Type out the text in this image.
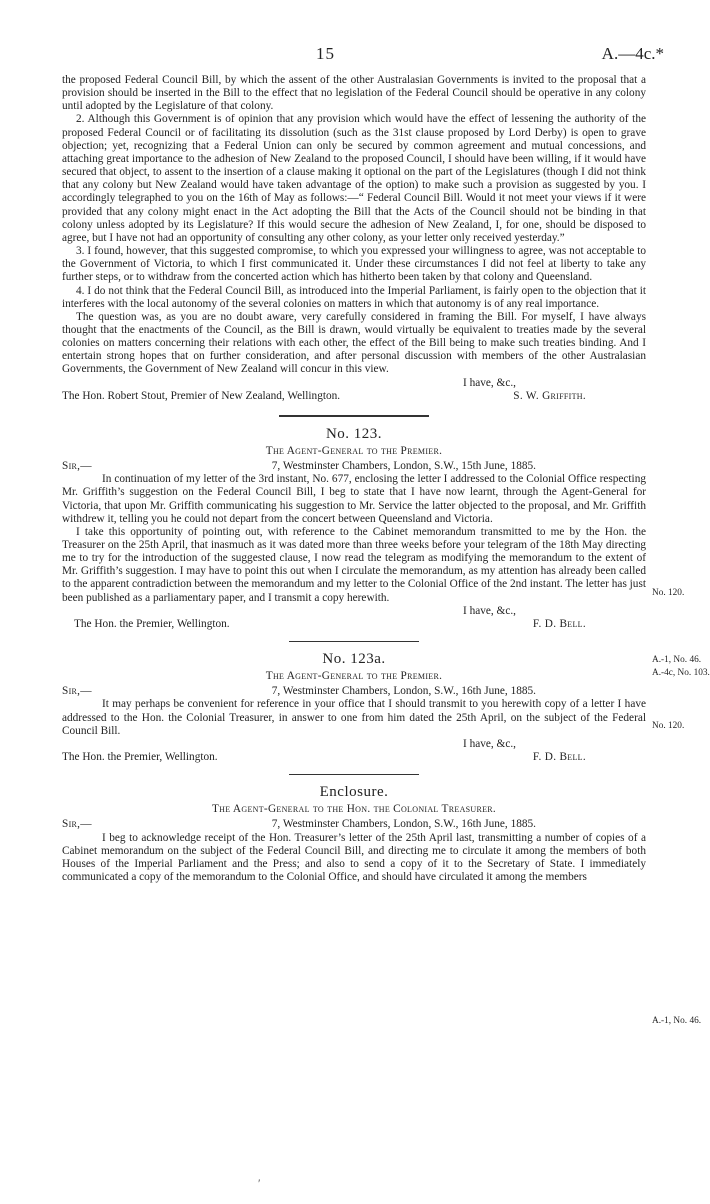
15	A.—4c.*

the proposed Federal Council Bill, by which the assent of the other Australasian Governments is invited to the proposal that a provision should be inserted in the Bill to the effect that no legislation of the Federal Council should be operative in any colony until adopted by the Legislature of that colony.

2. Although this Government is of opinion that any provision which would have the effect of lessening the authority of the proposed Federal Council or of facilitating its dissolution (such as the 31st clause proposed by Lord Derby) is open to grave objection; yet, recognizing that a Federal Union can only be secured by common agreement and mutual concessions, and attaching great importance to the adhesion of New Zealand to the proposed Council, I should have been willing, if it would have secured that object, to assent to the insertion of a clause making it optional on the part of the Legislatures (though I did not think that any colony but New Zealand would have taken advantage of the option) to make such a provision as suggested by you. I accordingly telegraphed to you on the 16th of May as follows:—“ Federal Council Bill. Would it not meet your views if it were provided that any colony might enact in the Act adopting the Bill that the Acts of the Council should not be binding in that colony unless adopted by its Legislature? If this would secure the adhesion of New Zealand, I, for one, should be disposed to agree, but I have not had an opportunity of consulting any other colony, as your letter only received yesterday.”

3. I found, however, that this suggested compromise, to which you expressed your willingness to agree, was not acceptable to the Government of Victoria, to which I first communicated it. Under these circumstances I did not feel at liberty to take any further steps, or to withdraw from the concerted action which has hitherto been taken by that colony and Queensland.

4. I do not think that the Federal Council Bill, as introduced into the Imperial Parliament, is fairly open to the objection that it interferes with the local autonomy of the several colonies on matters in which that autonomy is of any real importance.

The question was, as you are no doubt aware, very carefully considered in framing the Bill. For myself, I have always thought that the enactments of the Council, as the Bill is drawn, would virtually be equivalent to treaties made by the several colonies on matters concerning their relations with each other, the effect of the Bill being to make such treaties binding. And I entertain strong hopes that on further consideration, and after personal discussion with members of the other Australasian Governments, the Government of New Zealand will concur in this view.

I have, &c.,
The Hon. Robert Stout, Premier of New Zealand, Wellington.	S. W. Griffith.
No. 123.
The Agent-General to the Premier.
Sir,—	7, Westminster Chambers, London, S.W., 15th June, 1885.

In continuation of my letter of the 3rd instant, No. 677, enclosing the letter I addressed to the Colonial Office respecting Mr. Griffith’s suggestion on the Federal Council Bill, I beg to state that I have now learnt, through the Agent-General for Victoria, that upon Mr. Griffith communicating his suggestion to Mr. Service the latter objected to the proposal, and Mr. Griffith withdrew it, telling you he could not depart from the concert between Queensland and Victoria.

I take this opportunity of pointing out, with reference to the Cabinet memorandum transmitted to me by the Hon. the Treasurer on the 25th April, that inasmuch as it was dated more than three weeks before your telegram of the 18th May directing me to try for the introduction of the suggested clause, I now read the telegram as modifying the memorandum to the extent of Mr. Griffith’s suggestion. I may have to point this out when I circulate the memorandum, as my attention has already been called to the apparent contradiction between the memorandum and my letter to the Colonial Office of the 2nd instant. The letter has just been published as a parliamentary paper, and I transmit a copy herewith.

I have, &c.,
The Hon. the Premier, Wellington.	F. D. Bell.
No. 123a.
The Agent-General to the Premier.
Sir,—	7, Westminster Chambers, London, S.W., 16th June, 1885.

It may perhaps be convenient for reference in your office that I should transmit to you herewith copy of a letter I have addressed to the Hon. the Colonial Treasurer, in answer to one from him dated the 25th April, on the subject of the Federal Council Bill.

I have, &c.,
The Hon. the Premier, Wellington.	F. D. Bell.
Enclosure.
The Agent-General to the Hon. the Colonial Treasurer.
Sir,—	7, Westminster Chambers, London, S.W., 16th June, 1885.

I beg to acknowledge receipt of the Hon. Treasurer’s letter of the 25th April last, transmitting a number of copies of a Cabinet memorandum on the subject of the Federal Council Bill, and directing me to circulate it among the members of both Houses of the Imperial Parliament and the Press; and also to send a copy of it to the Secretary of State. I immediately communicated a copy of the memorandum to the Colonial Office, and should have circulated it among the members

No. 120.
A.-1, No. 46.
A.-4c, No. 103.
No. 120.
A.-1, No. 46.
′
